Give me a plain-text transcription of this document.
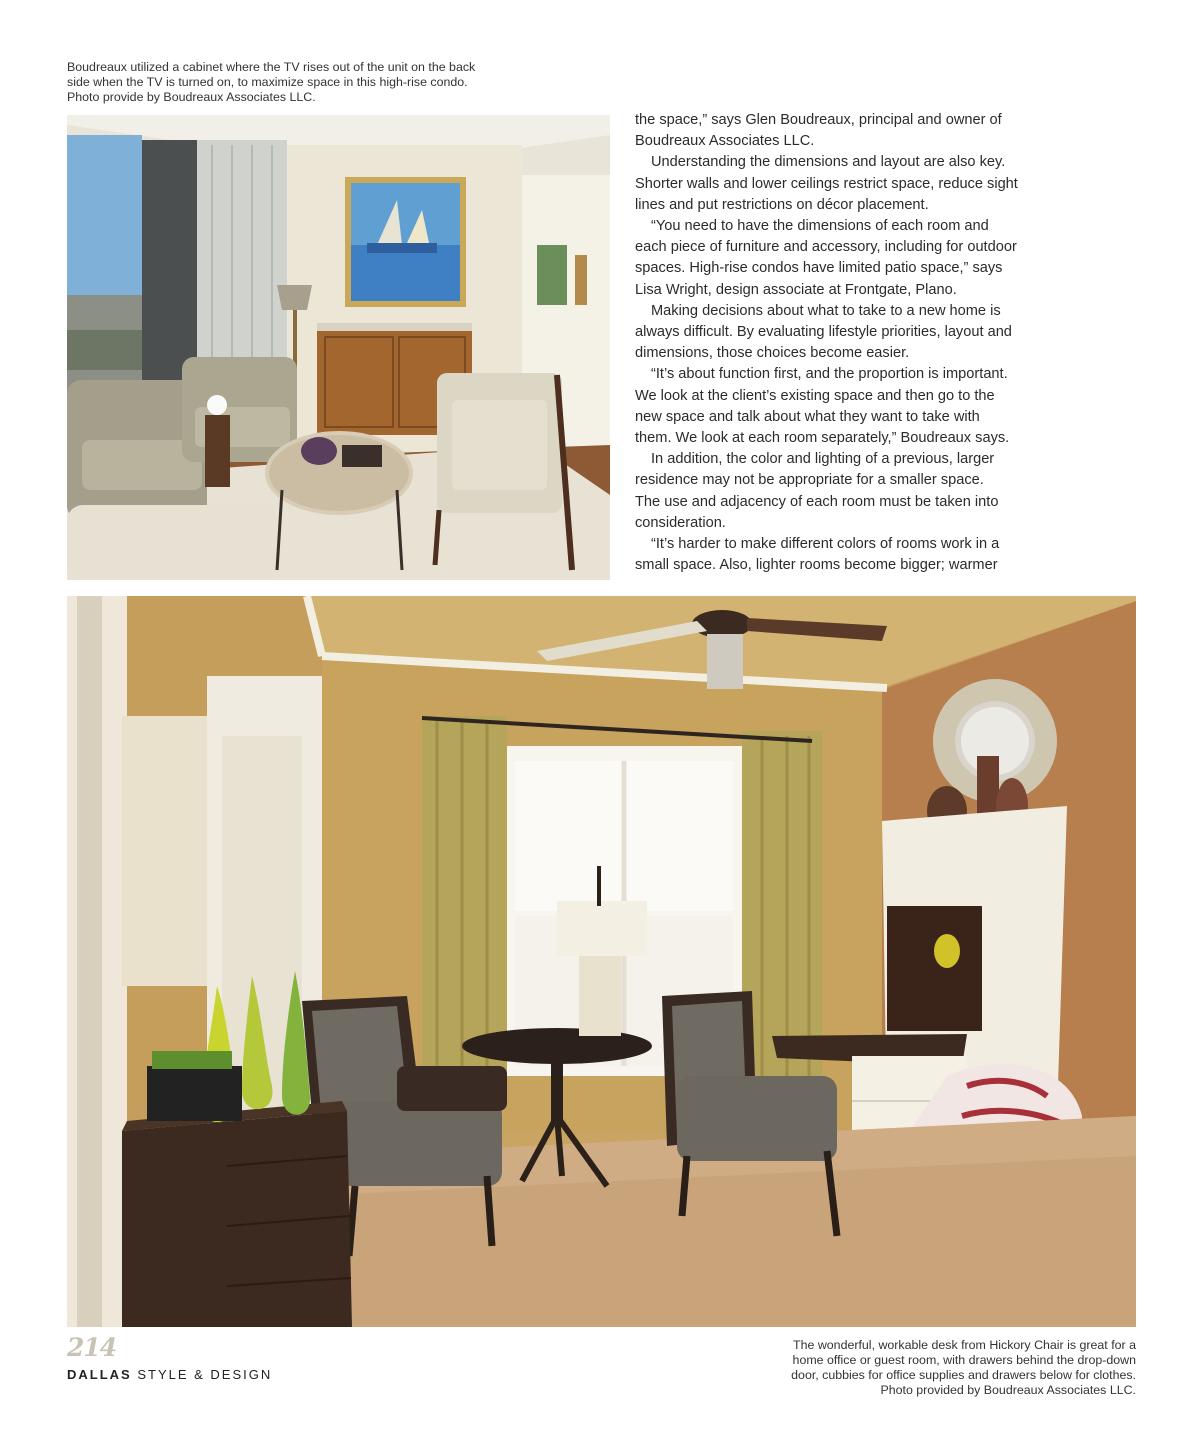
Boudreaux utilized a cabinet where the TV rises out of the unit on the back
side when the TV is turned on, to maximize space in this high-rise condo.
Photo provide by Boudreaux Associates LLC.
the space,” says Glen Boudreaux, principal and owner of
Boudreaux Associates LLC.
Understanding the dimensions and layout are also key.
Shorter walls and lower ceilings restrict space, reduce sight
lines and put restrictions on décor placement.
“You need to have the dimensions of each room and
each piece of furniture and accessory, including for outdoor
spaces. High-rise condos have limited patio space,” says
Lisa Wright, design associate at Frontgate, Plano.
Making decisions about what to take to a new home is
always difficult. By evaluating lifestyle priorities, layout and
dimensions, those choices become easier.
“It’s about function first, and the proportion is important.
We look at the client’s existing space and then go to the
new space and talk about what they want to take with
them. We look at each room separately,” Boudreaux says.
In addition, the color and lighting of a previous, larger
residence may not be appropriate for a smaller space.
The use and adjacency of each room must be taken into
consideration.
“It’s harder to make different colors of rooms work in a
small space. Also, lighter rooms become bigger; warmer
The wonderful, workable desk from Hickory Chair is great for a
home office or guest room, with drawers behind the drop-down
door, cubbies for office supplies and drawers below for clothes.
Photo provided by Boudreaux Associates LLC.
214
DALLAS STYLE & DESIGN
